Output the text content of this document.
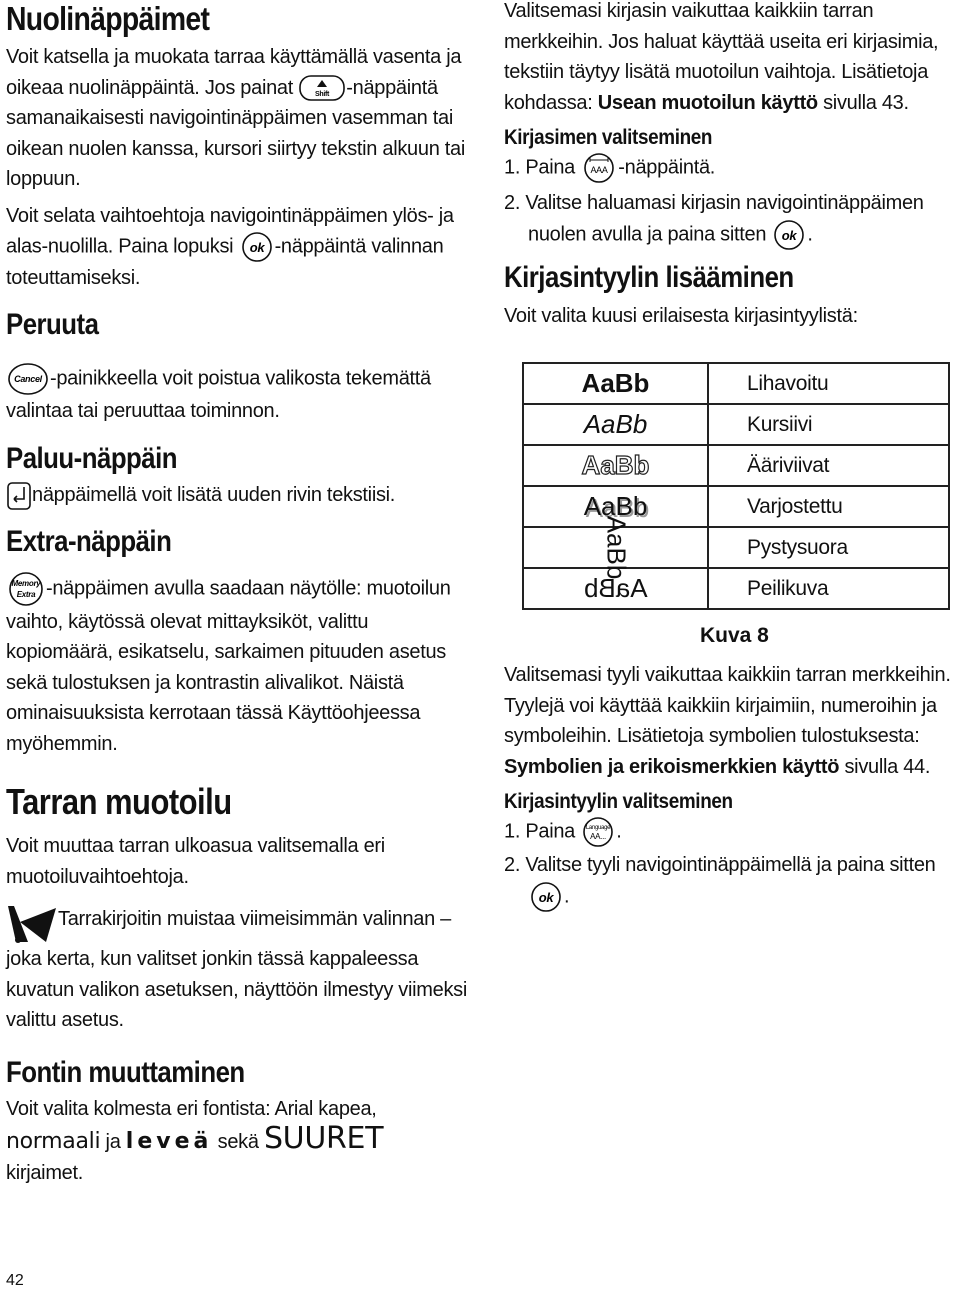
Nuolinäppäimet

Voit katsella ja muokata tarraa käyttämällä vasenta ja oikeaa nuolinäppäintä. Jos painat	Shift -näppäintä samanaikaisesti navigointinäppäimen vasemman tai oikean nuolen kanssa, kursori siirtyy tekstin alkuun tai loppuun.

Voit selata vaihtoehtoja navigointinäppäimen ylös- ja alas-nuolilla. Paina lopuksi ok -näppäintä valinnan toteuttamiseksi.

Peruuta

Cancel -painikkeella voit poistua valikosta tekemättä valintaa tai peruuttaa toiminnon.

Paluu-näppäin

näppäimellä voit lisätä uuden rivin tekstiisi.

Extra-näppäin

Memory
Extra -näppäimen avulla saadaan näytölle: muotoilun vaihto, käytössä olevat mittayksiköt, valittu kopiomäärä, esikatselu, sarkaimen pituuden asetus sekä tulostuksen ja kontrastin alivalikot. Näistä ominaisuuksista kerrotaan tässä Käyttöohjeessa myöhemmin.

Tarran muotoilu

Voit muuttaa tarran ulkoasua valitsemalla eri muotoiluvaihtoehtoja.

Tarrakirjoitin muistaa viimeisimmän valinnan – joka kerta, kun valitset jonkin tässä kappaleessa kuvatun valikon asetuksen, näyttöön ilmestyy viimeksi valittu asetus.

Fontin muuttaminen

Voit valita kolmesta eri fontista: Arial kapea,
normaali ja leveä sekä SUURET
kirjaimet.

42

Valitsemasi kirjasin vaikuttaa kaikkiin tarran merkkeihin. Jos haluat käyttää useita eri kirjasimia, tekstiin täytyy lisätä muotoilun vaihtoja. Lisätietoja kohdassa: Usean muotoilun käyttö sivulla 43.

Kirjasimen valitseminen

1. Paina AAA -näppäintä.

2. Valitse haluamasi kirjasin navigointinäppäimen nuolen avulla ja paina sitten ok .

Kirjasintyylin lisääminen

Voit valita kuusi erilaisesta kirjasintyylistä:

AaBb	Lihavoitu
AaBb	Kursiivi
AaBb	Ääriviivat
AaBb	Varjostettu
AaBb	Pystysuora
AaBb	Peilikuva
Kuva 8

Valitsemasi tyyli vaikuttaa kaikkiin tarran merkkeihin. Tyylejä voi käyttää kaikkiin kirjaimiin, numeroihin ja symboleihin. Lisätietoja symbolien tulostuksesta: Symbolien ja erikoismerkkien käyttö sivulla 44.

Kirjasintyylin valitseminen

1. Paina Language
AA... .

2. Valitse tyyli navigointinäppäimellä ja paina sitten
ok .
